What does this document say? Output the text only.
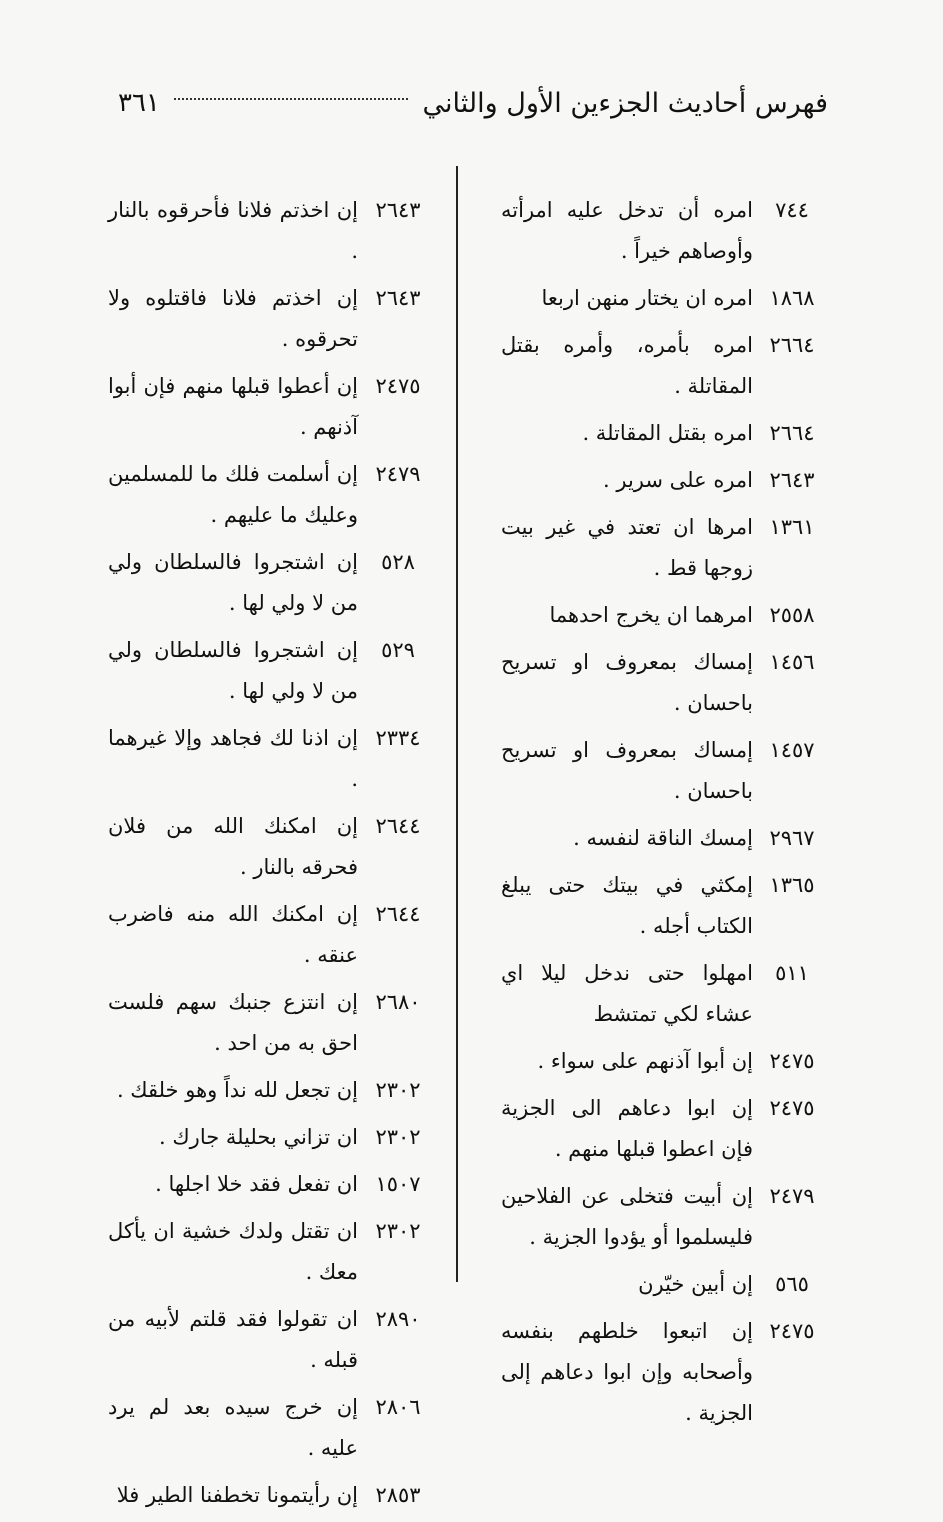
فهرس أحاديث الجزءين الأول والثاني
٣٦١
٧٤٤
امره أن تدخل عليه امرأته وأوصاهم خيراً .
١٨٦٨
امره ان يختار منهن اربعا
٢٦٦٤
امره بأمره، وأمره بقتل المقاتلة .
٢٦٦٤
امره بقتل المقاتلة .
٢٦٤٣
امره على سرير .
١٣٦١
امرها ان تعتد في غير بيت زوجها قط .
٢٥٥٨
امرهما ان يخرج احدهما
١٤٥٦
إمساك بمعروف او تسريح باحسان .
١٤٥٧
إمساك بمعروف او تسريح باحسان .
٢٩٦٧
إمسك الناقة لنفسه .
١٣٦٥
إمكثي في بيتك حتى يبلغ الكتاب أجله .
٥١١
امهلوا حتى ندخل ليلا اي عشاء لكي تمتشط
٢٤٧٥
إن أبوا آذنهم على سواء .
٢٤٧٥
إن ابوا دعاهم الى الجزية فإن اعطوا قبلها منهم .
٢٤٧٩
إن أبيت فتخلى عن الفلاحين فليسلموا أو يؤدوا الجزية .
٥٦٥
إن أبين خيّرن
٢٤٧٥
إن اتبعوا خلطهم بنفسه وأصحابه وإن ابوا دعاهم إلى الجزية .
٢٦٤٣
إن اخذتم فلانا فأحرقوه بالنار .
٢٦٤٣
إن اخذتم فلانا فاقتلوه ولا تحرقوه .
٢٤٧٥
إن أعطوا قبلها منهم فإن أبوا آذنهم .
٢٤٧٩
إن أسلمت فلك ما للمسلمين وعليك ما عليهم .
٥٢٨
إن اشتجروا فالسلطان ولي من لا ولي لها .
٥٢٩
إن اشتجروا فالسلطان ولي من لا ولي لها .
٢٣٣٤
إن اذنا لك فجاهد وإلا غيرهما .
٢٦٤٤
إن امكنك الله من فلان فحرقه بالنار .
٢٦٤٤
إن امكنك الله منه فاضرب عنقه .
٢٦٨٠
إن انتزع جنبك سهم فلست احق به من احد .
٢٣٠٢
إن تجعل لله نداً وهو خلقك .
٢٣٠٢
ان تزاني بحليلة جارك .
١٥٠٧
ان تفعل فقد خلا اجلها .
٢٣٠٢
ان تقتل ولدك خشية ان يأكل معك .
٢٨٩٠
ان تقولوا فقد قلتم لأبيه من قبله .
٢٨٠٦
إن خرج سيده بعد لم يرد عليه .
٢٨٥٣
إن رأيتمونا تخطفنا الطير فلا
